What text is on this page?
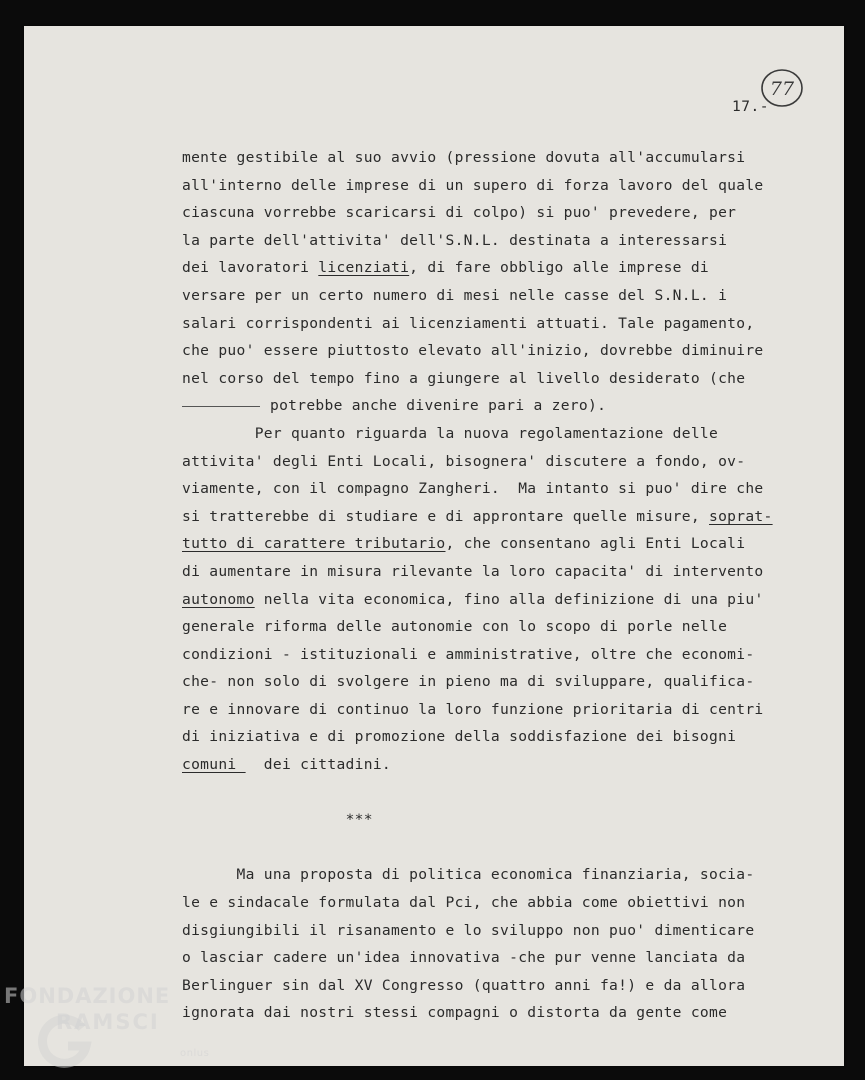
77
17.-
mente gestibile al suo avvio (pressione dovuta all'accumularsi
all'interno delle imprese di un supero di forza lavoro del quale
ciascuna vorrebbe scaricarsi di colpo) si puo' prevedere, per
la parte dell'attivita' dell'S.N.L. destinata a interessarsi
dei lavoratori licenziati, di fare obbligo alle imprese di
versare per un certo numero di mesi nelle casse del S.N.L. i
salari corrispondenti ai licenziamenti attuati. Tale pagamento,
che puo' essere piuttosto elevato all'inizio, dovrebbe diminuire
nel corso del tempo fino a giungere al livello desiderato (che
potrebbe anche divenire pari a zero).
Per quanto riguarda la nuova regolamentazione delle
attivita' degli Enti Locali, bisognera' discutere a fondo, ov-
viamente, con il compagno Zangheri.  Ma intanto si puo' dire che
si tratterebbe di studiare e di approntare quelle misure, soprat-
tutto di carattere tributario, che consentano agli Enti Locali
di aumentare in misura rilevante la loro capacita' di intervento
autonomo nella vita economica, fino alla definizione di una piu'
generale riforma delle autonomie con lo scopo di porle nelle
condizioni - istituzionali e amministrative, oltre che economi-
che- non solo di svolgere in pieno ma di sviluppare, qualifica-
re e innovare di continuo la loro funzione prioritaria di centri
di iniziativa e di promozione della soddisfazione dei bisogni
comuni   dei cittadini.
***
Ma una proposta di politica economica finanziaria, socia-
le e sindacale formulata dal Pci, che abbia come obiettivi non
disgiungibili il risanamento e lo sviluppo non puo' dimenticare
o lasciar cadere un'idea innovativa -che pur venne lanciata da
Berlinguer sin dal XV Congresso (quattro anni fa!) e da allora
ignorata dai nostri stessi compagni o distorta da gente come
FONDAZIONE
RAMSCI
onlus
